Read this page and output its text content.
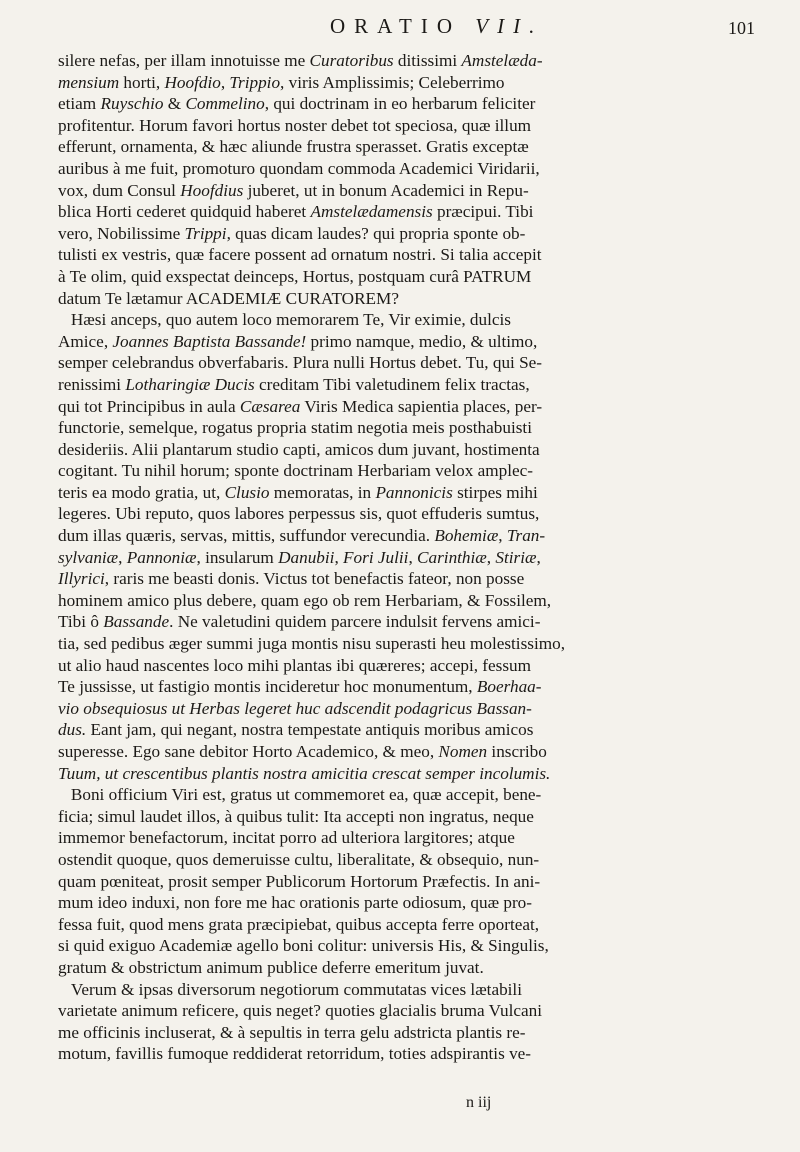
ORATIO VII.	101
silere nefas, per illam innotuisse me Curatoribus ditissimi Amstelæda-
mensium horti, Hoofdio, Trippio, viris Amplissimis; Celeberrimo
etiam Ruyschio & Commelino, qui doctrinam in eo herbarum feliciter
profitentur. Horum favori hortus noster debet tot speciosa, quæ illum
efferunt, ornamenta, & hæc aliunde frustra sperasset. Gratis exceptæ
auribus à me fuit, promoturo quondam commoda Academici Viridarii,
vox, dum Consul Hoofdius juberet, ut in bonum Academici in Repu-
blica Horti cederet quidquid haberet Amstelædamensis præcipui. Tibi
vero, Nobilissime Trippi, quas dicam laudes? qui propria sponte ob-
tulisti ex vestris, quæ facere possent ad ornatum nostri. Si talia accepit
à Te olim, quid exspectat deinceps, Hortus, postquam curâ PATRUM
datum Te lætamur ACADEMIÆ CURATOREM?
Hæsi anceps, quo autem loco memorarem Te, Vir eximie, dulcis
Amice, Joannes Baptista Bassande! primo namque, medio, & ultimo,
semper celebrandus obverfabaris. Plura nulli Hortus debet. Tu, qui Se-
renissimi Lotharingiæ Ducis creditam Tibi valetudinem felix tractas,
qui tot Principibus in aula Cæsarea Viris Medica sapientia places, per-
functorie, semelque, rogatus propria statim negotia meis posthabuisti
desideriis. Alii plantarum studio capti, amicos dum juvant, hostimenta
cogitant. Tu nihil horum; sponte doctrinam Herbariam velox amplec-
teris ea modo gratia, ut, Clusio memoratas, in Pannonicis stirpes mihi
legeres. Ubi reputo, quos labores perpessus sis, quot effuderis sumtus,
dum illas quæris, servas, mittis, suffundor verecundia. Bohemiæ, Tran-
sylvaniæ, Pannoniæ, insularum Danubii, Fori Julii, Carinthiæ, Stiriæ,
Illyrici, raris me beasti donis. Victus tot benefactis fateor, non posse
hominem amico plus debere, quam ego ob rem Herbariam, & Fossilem,
Tibi ô Bassande. Ne valetudini quidem parcere indulsit fervens amici-
tia, sed pedibus æger summi juga montis nisu superasti heu molestissimo,
ut alio haud nascentes loco mihi plantas ibi quæreres; accepi, fessum
Te jussisse, ut fastigio montis incideretur hoc monumentum, Boerhaa-
vio obsequiosus ut Herbas legeret huc adscendit podagricus Bassan-
dus. Eant jam, qui negant, nostra tempestate antiquis moribus amicos
superesse. Ego sane debitor Horto Academico, & meo, Nomen inscribo
Tuum, ut crescentibus plantis nostra amicitia crescat semper incolumis.
Boni officium Viri est, gratus ut commemoret ea, quæ accepit, bene-
ficia; simul laudet illos, à quibus tulit: Ita accepti non ingratus, neque
immemor benefactorum, incitat porro ad ulteriora largitores; atque
ostendit quoque, quos demeruisse cultu, liberalitate, & obsequio, nun-
quam pœniteat, prosit semper Publicorum Hortorum Præfectis. In ani-
mum ideo induxi, non fore me hac orationis parte odiosum, quæ pro-
fessa fuit, quod mens grata præcipiebat, quibus accepta ferre oporteat,
si quid exiguo Academiæ agello boni colitur: universis His, & Singulis,
gratum & obstrictum animum publice deferre emeritum juvat.
Verum & ipsas diversorum negotiorum commutatas vices lætabili
varietate animum reficere, quis neget? quoties glacialis bruma Vulcani
me officinis incluserat, & à sepultis in terra gelu adstricta plantis re-
motum, favillis fumoque reddiderat retorridum, toties adspirantis ve-
n iij
